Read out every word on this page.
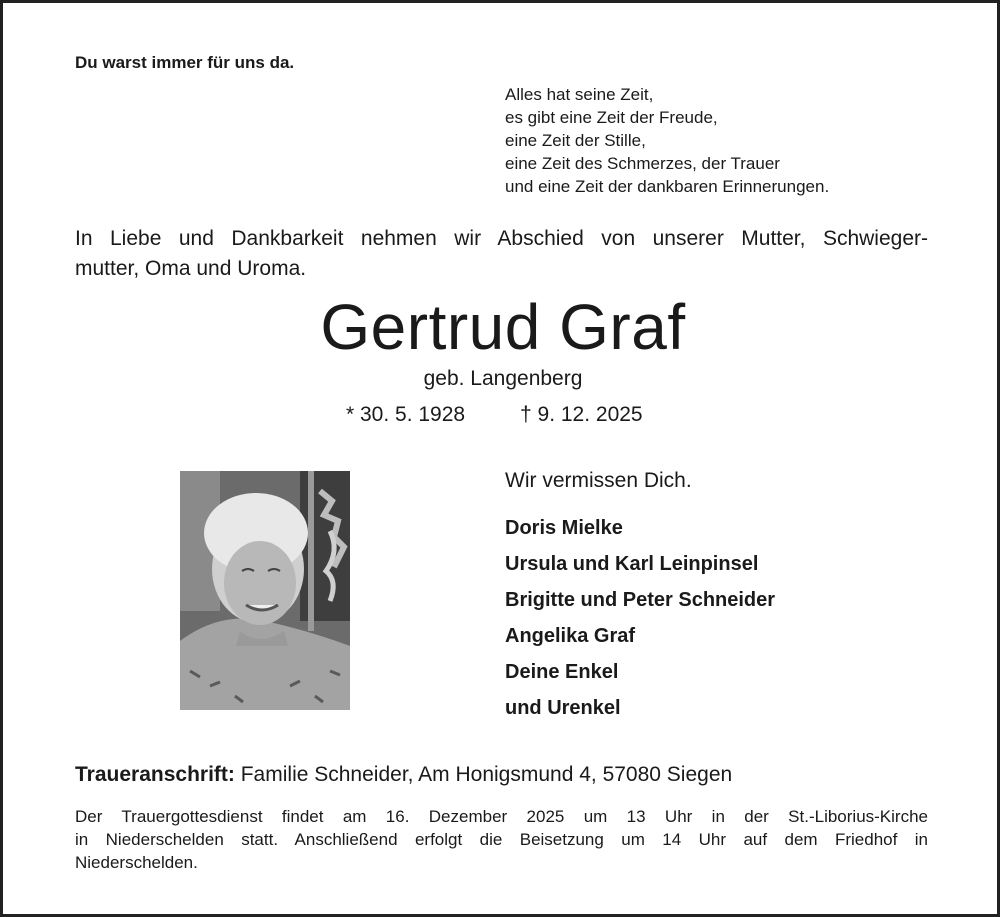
Du warst immer für uns da.

Alles hat seine Zeit,
es gibt eine Zeit der Freude,
eine Zeit der Stille,
eine Zeit des Schmerzes, der Trauer
und eine Zeit der dankbaren Erinnerungen.
In Liebe und Dankbarkeit nehmen wir Abschied von unserer Mutter, Schwieger-
mutter, Oma und Uroma.
Gertrud Graf
geb. Langenberg
* 30. 5. 1928	† 9. 12. 2025
Wir vermissen Dich.
Doris Mielke
Ursula und Karl Leinpinsel
Brigitte und Peter Schneider
Angelika Graf
Deine Enkel
und Urenkel
Traueranschrift: Familie Schneider, Am Honigsmund 4, 57080 Siegen
Der Trauergottesdienst findet am 16. Dezember 2025 um 13 Uhr in der St.-Liborius-Kirche
in Niederschelden statt. Anschließend erfolgt die Beisetzung um 14 Uhr auf dem Friedhof in
Niederschelden.
